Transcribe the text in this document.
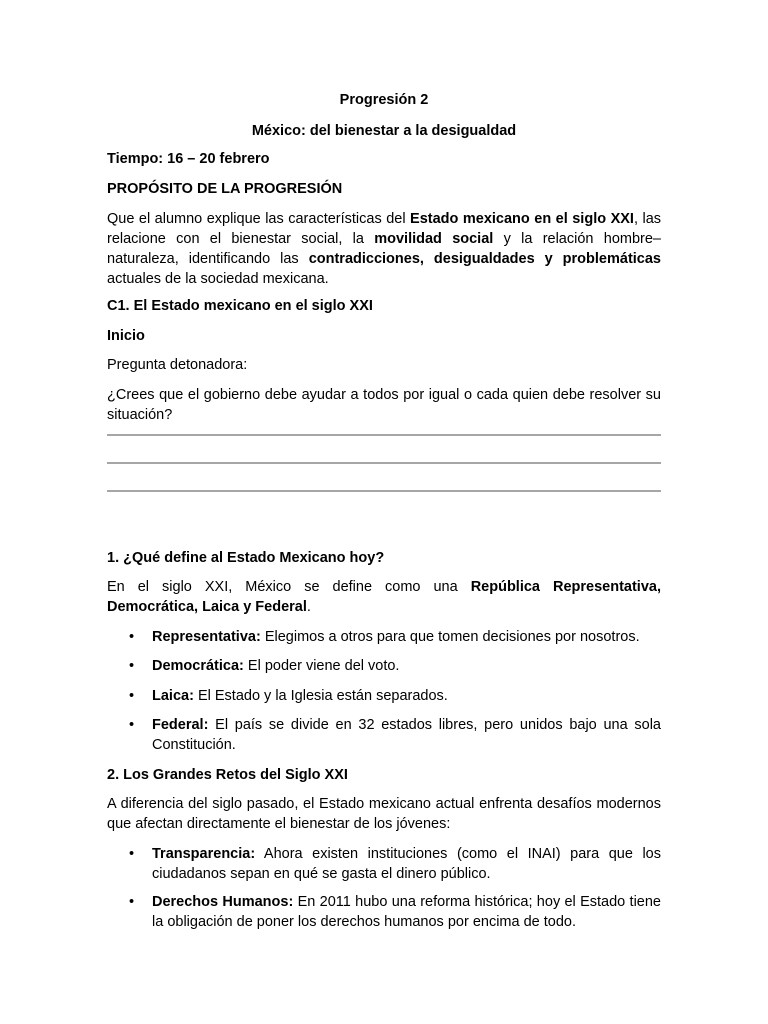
Progresión 2
México: del bienestar a la desigualdad
Tiempo: 16 – 20 febrero
PROPÓSITO DE LA PROGRESIÓN
Que el alumno explique las características del Estado mexicano en el siglo XXI, las relacione con el bienestar social, la movilidad social y la relación hombre–naturaleza, identificando las contradicciones, desigualdades y problemáticas actuales de la sociedad mexicana.
C1. El Estado mexicano en el siglo XXI
Inicio
Pregunta detonadora:
¿Crees que el gobierno debe ayudar a todos por igual o cada quien debe resolver su situación?
1. ¿Qué define al Estado Mexicano hoy?
En el siglo XXI, México se define como una República Representativa, Democrática, Laica y Federal.
• Representativa: Elegimos a otros para que tomen decisiones por nosotros.
• Democrática: El poder viene del voto.
• Laica: El Estado y la Iglesia están separados.
• Federal: El país se divide en 32 estados libres, pero unidos bajo una sola Constitución.
2. Los Grandes Retos del Siglo XXI
A diferencia del siglo pasado, el Estado mexicano actual enfrenta desafíos modernos que afectan directamente el bienestar de los jóvenes:
• Transparencia: Ahora existen instituciones (como el INAI) para que los ciudadanos sepan en qué se gasta el dinero público.
• Derechos Humanos: En 2011 hubo una reforma histórica; hoy el Estado tiene la obligación de poner los derechos humanos por encima de todo.
